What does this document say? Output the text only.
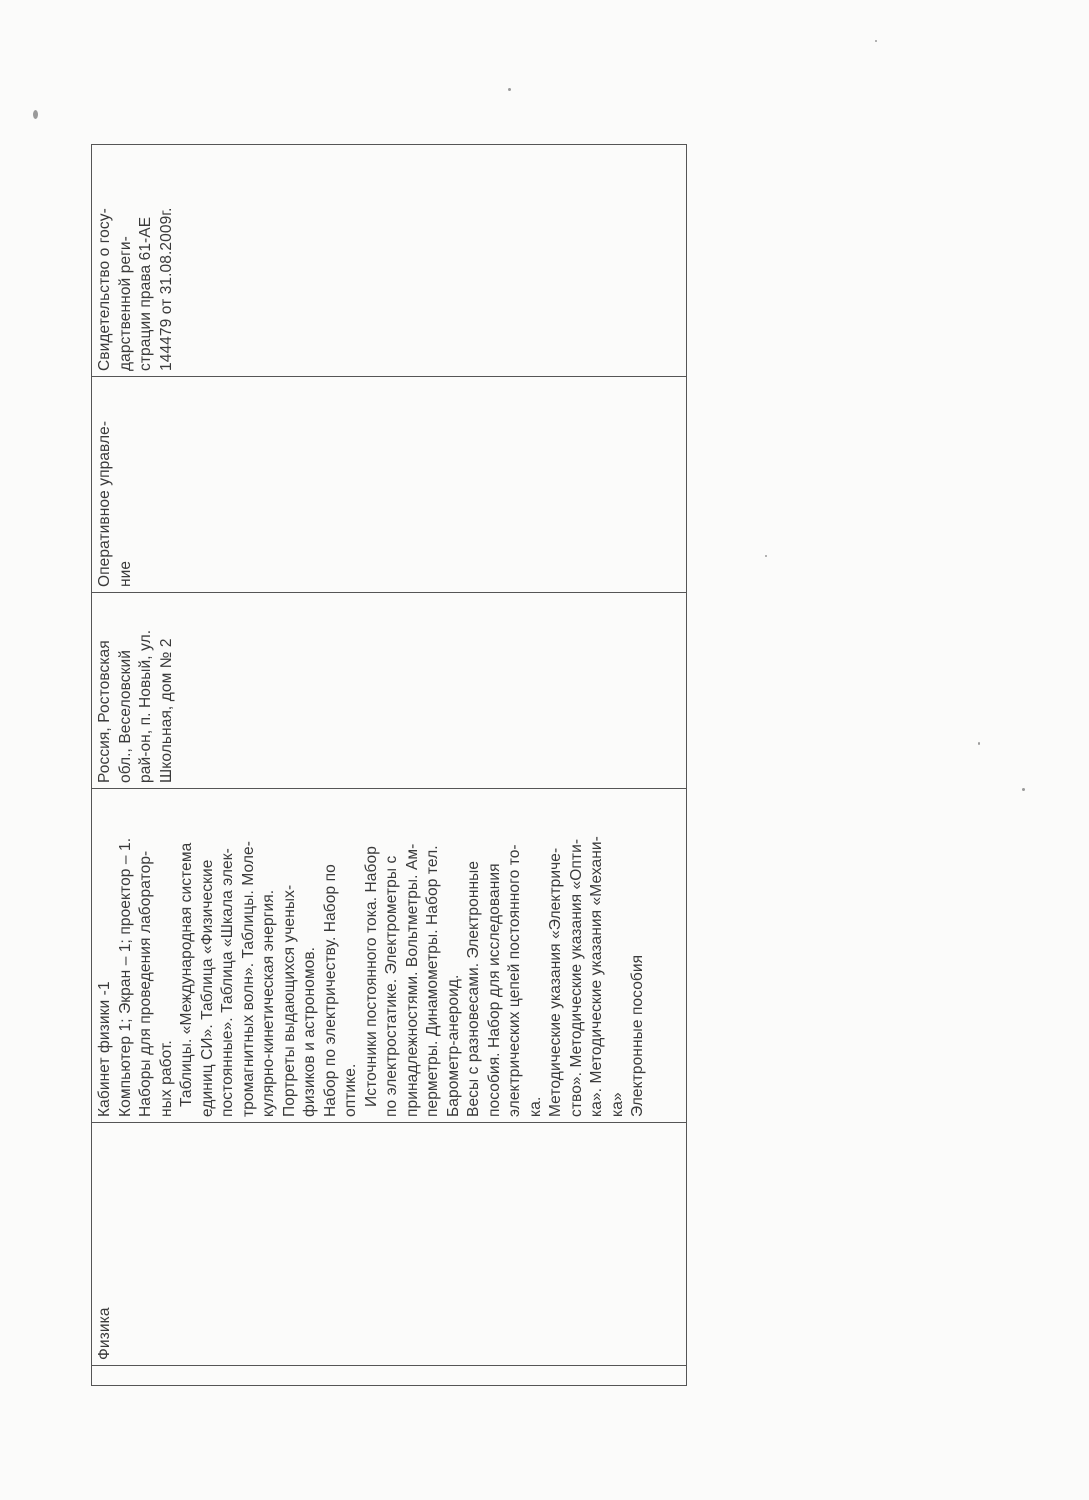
Физика
Кабинет физики -1 Компьютер 1; Экран – 1; проектор – 1. Наборы для проведения лаборатор- ных работ. Таблицы. «Международная система единиц СИ». Таблица «Физические постоянные». Таблица «Шкала элек- тромагнитных волн». Таблицы. Моле- кулярно-кинетическая энергия. Портреты выдающихся ученых- физиков и астрономов. Набор по электричеству. Набор по оптике. Источники постоянного тока. Набор по электростатике. Электрометры с принадлежностями. Вольтметры. Ам- перметры. Динамометры. Набор тел. Барометр-анероид. Весы с разновесами. Электронные пособия. Набор для исследования электрических цепей постоянного то- ка. Методические указания «Электриче- ство». Методические указания «Опти- ка». Методические указания «Механи- ка» Электронные пособия
Россия, Ростовская обл., Веселовский рай-он, п. Новый, ул. Школьная, дом № 2
Оперативное управле- ние
Свидетельство о госу- дарственной реги- страции права 61-АЕ 144479 от 31.08.2009г.
